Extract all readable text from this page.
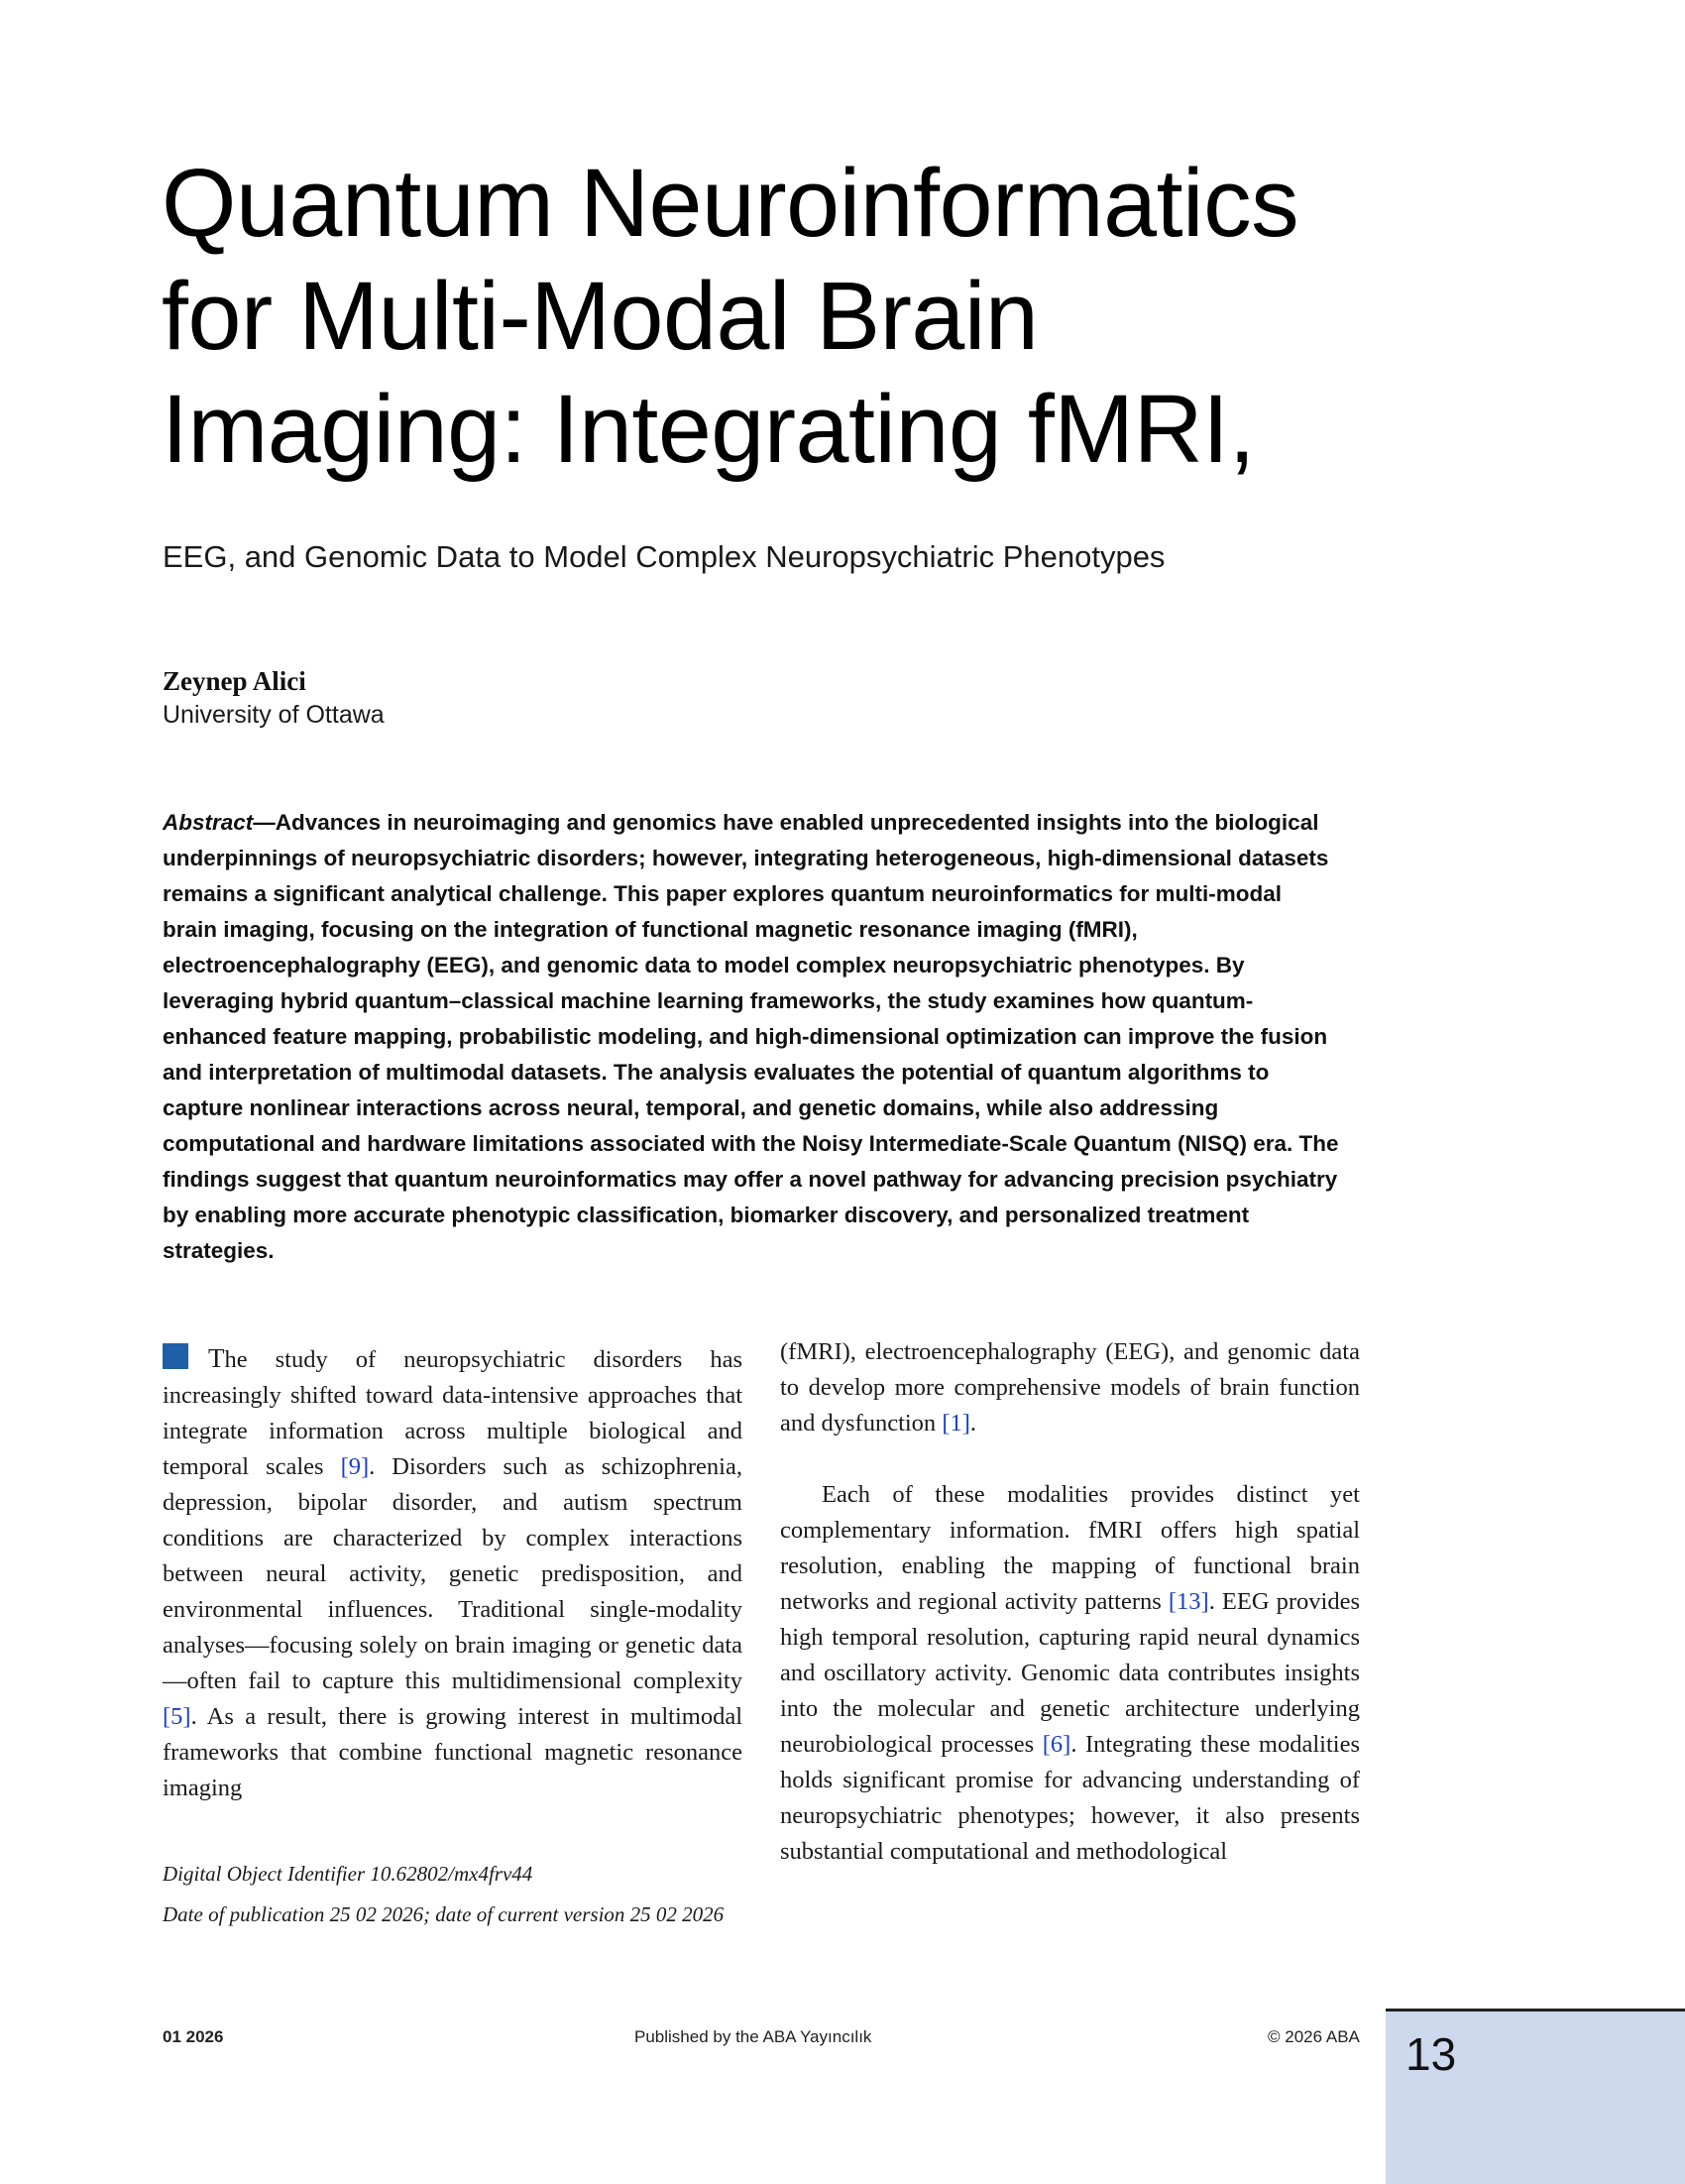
Quantum Neuroinformatics for Multi-Modal Brain Imaging: Integrating fMRI,
EEG, and Genomic Data to Model Complex Neuropsychiatric Phenotypes
Zeynep Alici
University of Ottawa
Abstract—Advances in neuroimaging and genomics have enabled unprecedented insights into the biological underpinnings of neuropsychiatric disorders; however, integrating heterogeneous, high-dimensional datasets remains a significant analytical challenge. This paper explores quantum neuroinformatics for multi-modal brain imaging, focusing on the integration of functional magnetic resonance imaging (fMRI), electroencephalography (EEG), and genomic data to model complex neuropsychiatric phenotypes. By leveraging hybrid quantum–classical machine learning frameworks, the study examines how quantum-enhanced feature mapping, probabilistic modeling, and high-dimensional optimization can improve the fusion and interpretation of multimodal datasets. The analysis evaluates the potential of quantum algorithms to capture nonlinear interactions across neural, temporal, and genetic domains, while also addressing computational and hardware limitations associated with the Noisy Intermediate-Scale Quantum (NISQ) era. The findings suggest that quantum neuroinformatics may offer a novel pathway for advancing precision psychiatry by enabling more accurate phenotypic classification, biomarker discovery, and personalized treatment strategies.

The study of neuropsychiatric disorders has increasingly shifted toward data-intensive approaches that integrate information across multiple biological and temporal scales [9]. Disorders such as schizophrenia, depression, bipolar disorder, and autism spectrum conditions are characterized by complex interactions between neural activity, genetic predisposition, and environmental influences. Traditional single-modality analyses—focusing solely on brain imaging or genetic data—often fail to capture this multidimensional complexity [5]. As a result, there is growing interest in multimodal frameworks that combine functional magnetic resonance imaging

(fMRI), electroencephalography (EEG), and genomic data to develop more comprehensive models of brain function and dysfunction [1].

Each of these modalities provides distinct yet complementary information. fMRI offers high spatial resolution, enabling the mapping of functional brain networks and regional activity patterns [13]. EEG provides high temporal resolution, capturing rapid neural dynamics and oscillatory activity. Genomic data contributes insights into the molecular and genetic architecture underlying neurobiological processes [6]. Integrating these modalities holds significant promise for advancing understanding of neuropsychiatric phenotypes; however, it also presents substantial computational and methodological

Digital Object Identifier 10.62802/mx4frv44
Date of publication 25 02 2026; date of current version 25 02 2026
01 2026	Published by the ABA Yayıncılık	© 2026 ABA 13
